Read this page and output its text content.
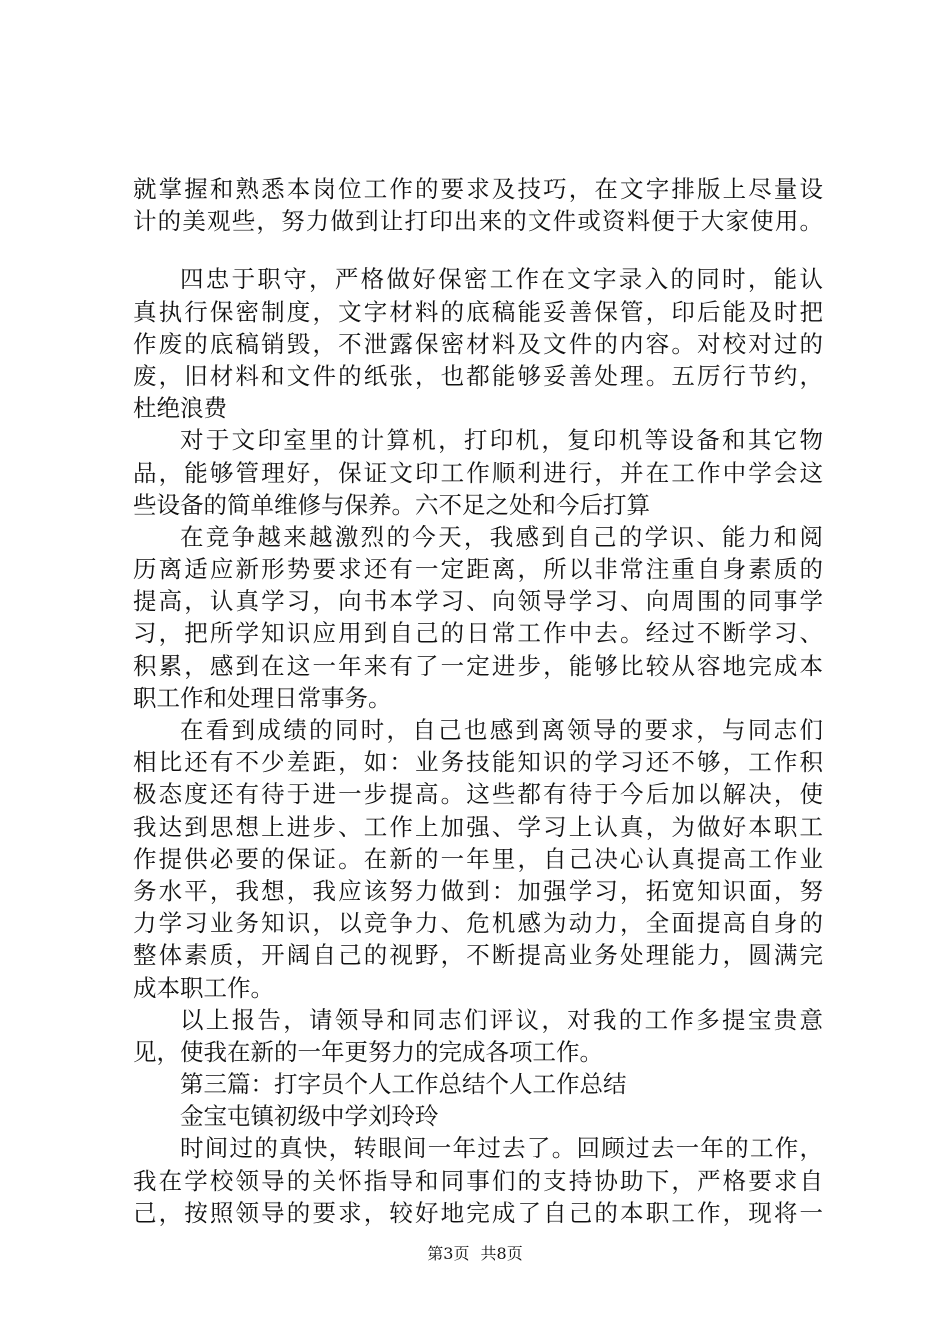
就掌握和熟悉本岗位工作的要求及技巧，在文字排版上尽量设
计的美观些，努力做到让打印出来的文件或资料便于大家使用。
四忠于职守，严格做好保密工作在文字录入的同时，能认
真执行保密制度，文字材料的底稿能妥善保管，印后能及时把
作废的底稿销毁，不泄露保密材料及文件的内容。对校对过的
废，旧材料和文件的纸张，也都能够妥善处理。五厉行节约，
杜绝浪费
对于文印室里的计算机，打印机，复印机等设备和其它物
品，能够管理好，保证文印工作顺利进行，并在工作中学会这
些设备的简单维修与保养。六不足之处和今后打算
在竞争越来越激烈的今天，我感到自己的学识、能力和阅
历离适应新形势要求还有一定距离，所以非常注重自身素质的
提高，认真学习，向书本学习、向领导学习、向周围的同事学
习，把所学知识应用到自己的日常工作中去。经过不断学习、
积累，感到在这一年来有了一定进步，能够比较从容地完成本
职工作和处理日常事务。
在看到成绩的同时，自己也感到离领导的要求，与同志们
相比还有不少差距，如：业务技能知识的学习还不够，工作积
极态度还有待于进一步提高。这些都有待于今后加以解决，使
我达到思想上进步、工作上加强、学习上认真，为做好本职工
作提供必要的保证。在新的一年里，自己决心认真提高工作业
务水平，我想，我应该努力做到：加强学习，拓宽知识面，努
力学习业务知识，以竞争力、危机感为动力，全面提高自身的
整体素质，开阔自己的视野，不断提高业务处理能力，圆满完
成本职工作。
以上报告，请领导和同志们评议，对我的工作多提宝贵意
见，使我在新的一年更努力的完成各项工作。
第三篇：打字员个人工作总结个人工作总结
金宝屯镇初级中学刘玲玲
时间过的真快，转眼间一年过去了。回顾过去一年的工作，
我在学校领导的关怀指导和同事们的支持协助下，严格要求自
己，按照领导的要求，较好地完成了自己的本职工作，现将一
第3页 共8页
